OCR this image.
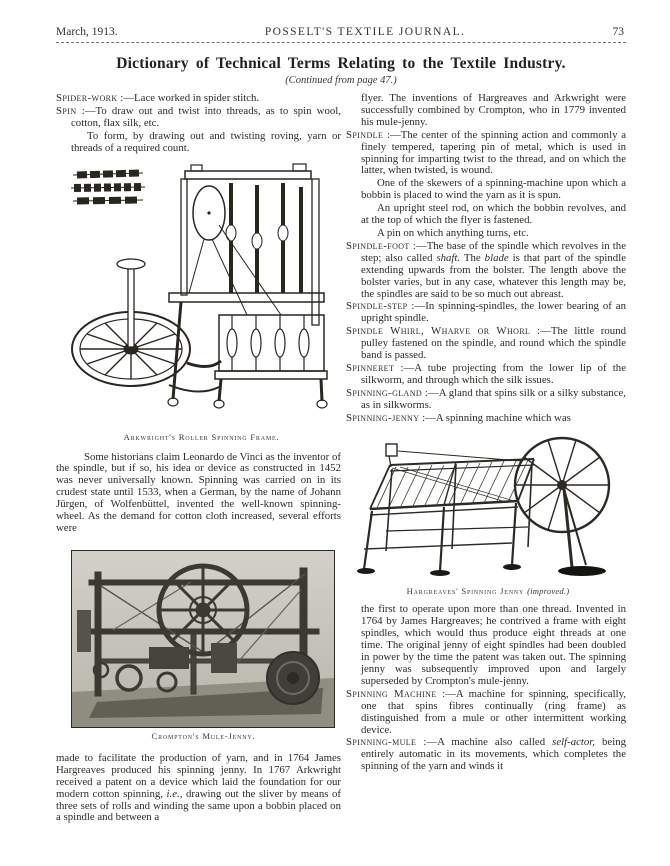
March, 1913.	POSSELT'S TEXTILE JOURNAL.	73
Dictionary of Technical Terms Relating to the Textile Industry.
(Continued from page 47.)

Spider-work :—Lace worked in spider stitch.

Spin :—To draw out and twist into threads, as to spin wool, cotton, flax silk, etc.

To form, by drawing out and twisting roving, yarn or threads of a required count.

Arkwright's Roller Spinning Frame.

Some historians claim Leonardo de Vinci as the inventor of the spindle, but if so, his idea or device as constructed in 1452 was never universally known. Spinning was carried on in its crudest state until 1533, when a German, by the name of Johann Jürgen, of Wolfenbüttel, invented the well-known spinning-wheel. As the demand for cotton cloth increased, several efforts were

Crompton's Mule-Jenny.

made to facilitate the production of yarn, and in 1764 James Hargreaves produced his spinning jenny. In 1767 Arkwright received a patent on a device which laid the foundation for our modern cotton spinning, i.e., drawing out the sliver by means of three sets of rolls and winding the same upon a bobbin placed on a spindle and between a

flyer. The inventions of Hargreaves and Arkwright were successfully combined by Crompton, who in 1779 invented his mule-jenny.

Spindle :—The center of the spinning action and commonly a finely tempered, tapering pin of metal, which is used in spinning for imparting twist to the thread, and on which the latter, when twisted, is wound.

One of the skewers of a spinning-machine upon which a bobbin is placed to wind the yarn as it is spun.

An upright steel rod, on which the bobbin revolves, and at the top of which the flyer is fastened.

A pin on which anything turns, etc.

Spindle-foot :—The base of the spindle which revolves in the step; also called shaft. The blade is that part of the spindle extending upwards from the bolster. The length above the bolster varies, but in any case, whatever this length may be, the spindles are said to be so much out abreast.

Spindle-step :—In spinning-spindles, the lower bearing of an upright spindle.

Spindle Whirl, Wharve or Whorl :—The little round pulley fastened on the spindle, and round which the spindle band is passed.

Spinneret :—A tube projecting from the lower lip of the silkworm, and through which the silk issues.

Spinning-gland :—A gland that spins silk or a silky substance, as in silkworms.

Spinning-jenny :—A spinning machine which was

Hargreaves' Spinning Jenny (improved.)

the first to operate upon more than one thread. Invented in 1764 by James Hargreaves; he contrived a frame with eight spindles, which would thus produce eight threads at one time. The original jenny of eight spindles had been doubled in power by the time the patent was taken out. The spinning jenny was subsequently improved upon and largely superseded by Crompton's mule-jenny.

Spinning Machine :—A machine for spinning, specifically, one that spins fibres continually (ring frame) as distinguished from a mule or other intermittent working device.

Spinning-mule :—A machine also called self-actor, being entirely automatic in its movements, which completes the spinning of the yarn and winds it
